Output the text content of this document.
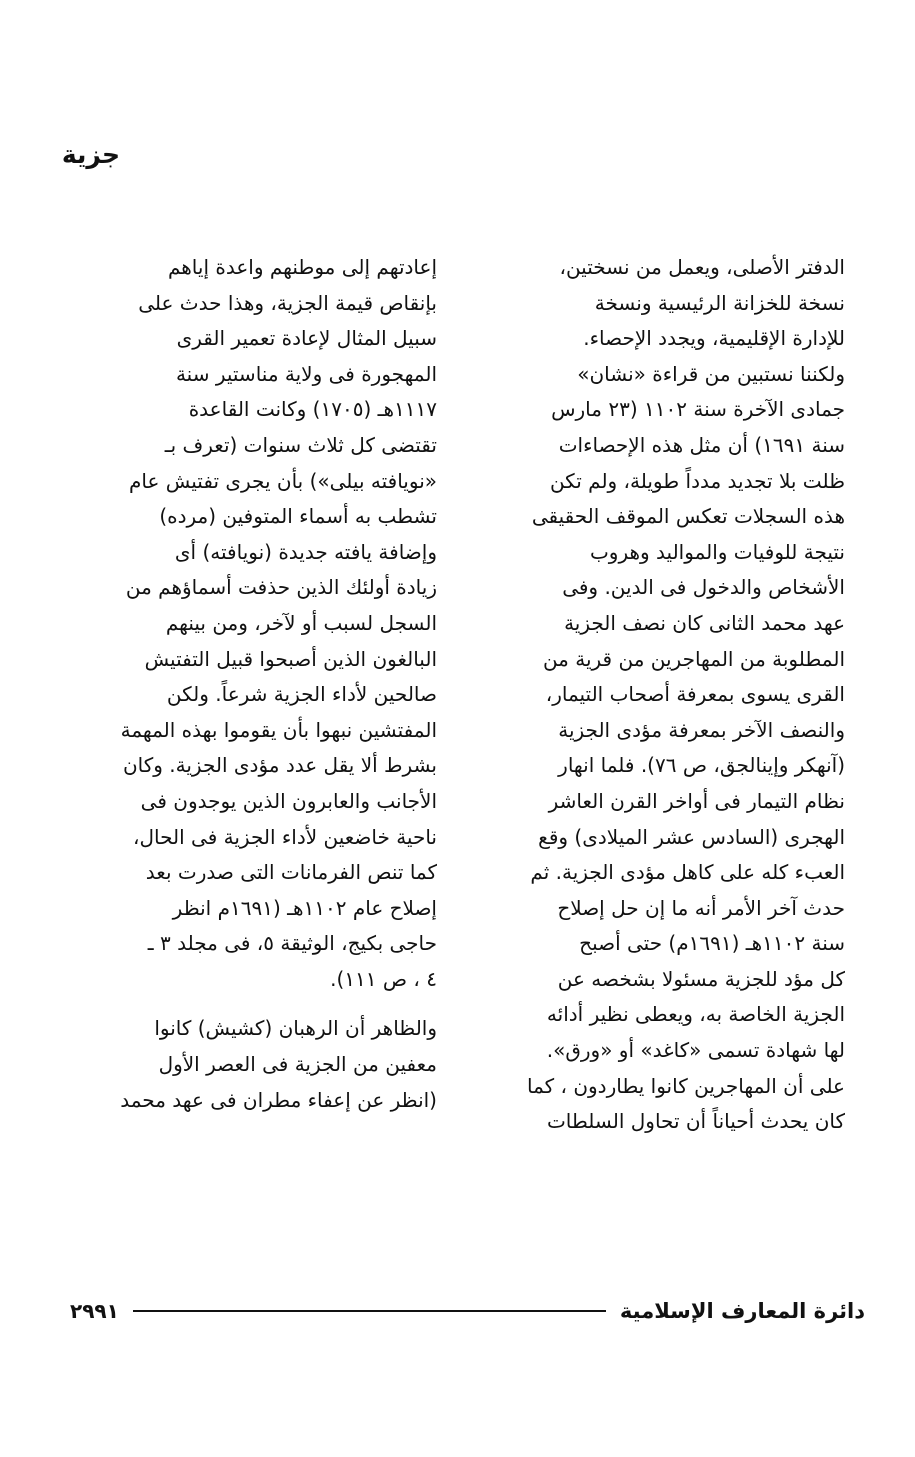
جزية
الدفتر الأصلى، ويعمل من نسختين،
نسخة للخزانة الرئيسية ونسخة
للإدارة الإقليمية، ويجدد الإحصاء.
ولكننا نستبين من قراءة «نشان»
جمادى الآخرة سنة ١١٠٢ (٢٣ مارس
سنة ١٦٩١) أن مثل هذه الإحصاءات
ظلت بلا تجديد مدداً طويلة، ولم تكن
هذه السجلات تعكس الموقف الحقيقى
نتيجة للوفيات والمواليد وهروب
الأشخاص والدخول فى الدين. وفى
عهد محمد الثانى كان نصف الجزية
المطلوبة من المهاجرين من قرية من
القرى يسوى بمعرفة أصحاب التيمار،
والنصف الآخر بمعرفة مؤدى الجزية
(آنهكر وإينالجق، ص ٧٦). فلما انهار
نظام التيمار فى أواخر القرن العاشر
الهجرى (السادس عشر الميلادى) وقع
العبء كله على كاهل مؤدى الجزية. ثم
حدث آخر الأمر أنه ما إن حل إصلاح
سنة ١١٠٢هـ (١٦٩١م) حتى أصبح
كل مؤد للجزية مسئولا بشخصه عن
الجزية الخاصة به، ويعطى نظير أدائه
لها شهادة تسمى «كاغد» أو «ورق».
على أن المهاجرين كانوا يطاردون ، كما
كان يحدث أحياناً أن تحاول السلطات
إعادتهم إلى موطنهم واعدة إياهم
بإنقاص قيمة الجزية، وهذا حدث على
سبيل المثال لإعادة تعمير القرى
المهجورة فى ولاية مناستير سنة
١١١٧هـ (١٧٠٥) وكانت القاعدة
تقتضى كل ثلاث سنوات (تعرف بـ
«نويافته بيلى») بأن يجرى تفتيش عام
تشطب به أسماء المتوفين (مرده)
وإضافة يافته جديدة (نويافته) أى
زيادة أولئك الذين حذفت أسماؤهم من
السجل لسبب أو لآخر، ومن بينهم
البالغون الذين أصبحوا قبيل التفتيش
صالحين لأداء الجزية شرعاً. ولكن
المفتشين نبهوا بأن يقوموا بهذه المهمة
بشرط ألا يقل عدد مؤدى الجزية. وكان
الأجانب والعابرون الذين يوجدون فى
ناحية خاضعين لأداء الجزية فى الحال،
كما تنص الفرمانات التى صدرت بعد
إصلاح عام ١١٠٢هـ (١٦٩١م انظر
حاجى بكيج، الوثيقة ٥، فى مجلد ٣ ـ
٤ ، ص ١١١).
والظاهر أن الرهبان (كشيش) كانوا
معفين من الجزية فى العصر الأول
(انظر عن إعفاء مطران فى عهد محمد
دائرة المعارف الإسلامية
٢٩٩١
